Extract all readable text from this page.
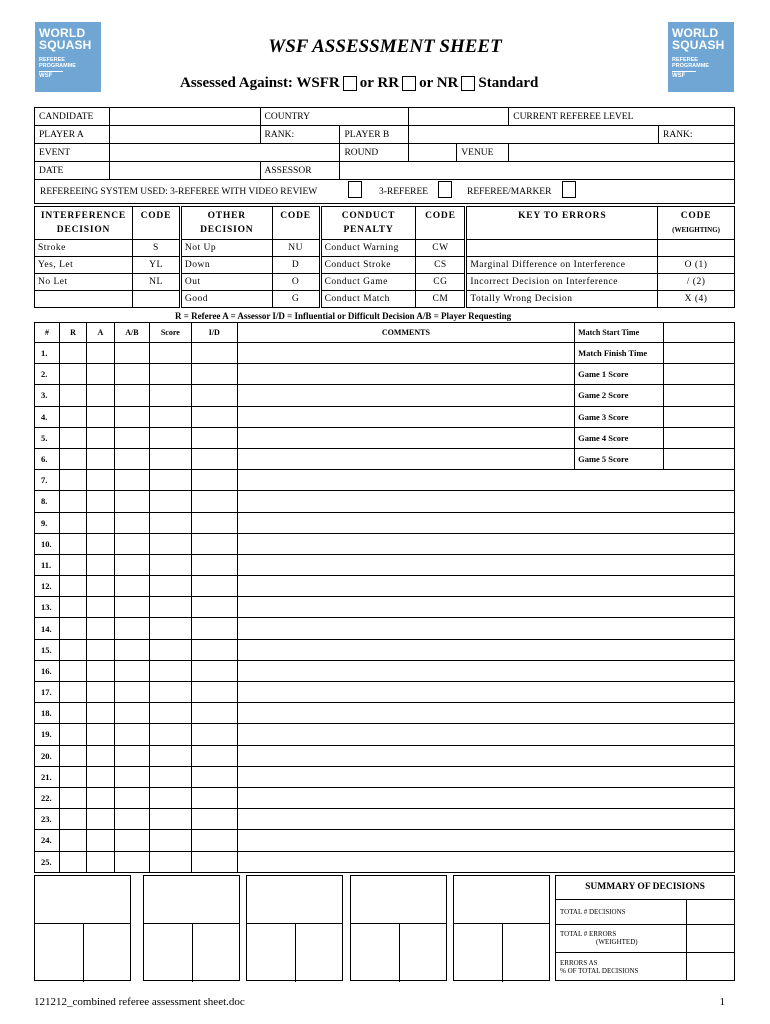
WORLD
SQUASH
REFEREE
PROGRAMME
WSF
WORLD
SQUASH
REFEREE
PROGRAMME
WSF
WSF ASSESSMENT SHEET
Assessed Against: WSFR or RR or NR Standard
CANDIDATE		COUNTRY				CURRENT REFEREE LEVEL	
PLAYER A		RANK:	PLAYER B				RANK:
EVENT			ROUND		VENUE		
DATE		ASSESSOR					
REFEREEING SYSTEM USED: 3-REFEREE WITH VIDEO REVIEW	3-REFEREE	REFEREE/MARKER
INTERFERENCE DECISION	CODE	OTHER DECISION	CODE	CONDUCT PENALTY	CODE	KEY TO ERRORS	CODE
(WEIGHTING)
Stroke	S	Not Up	NU	Conduct Warning	CW		
Yes, Let	YL	Down	D	Conduct Stroke	CS	Marginal Difference on Interference	O (1)
No Let	NL	Out	O	Conduct Game	CG	Incorrect Decision on Interference	/ (2)
		Good	G	Conduct Match	CM	Totally Wrong Decision	X (4)
R = Referee A = Assessor I/D = Influential or Difficult Decision A/B = Player Requesting
#	R	A	A/B	Score	I/D	COMMENTS	Match Start Time	
1.							Match Finish Time	
2.							Game 1 Score	
3.							Game 2 Score	
4.							Game 3 Score	
5.							Game 4 Score	
6.							Game 5 Score	
7.								
8.								
9.								
10.								
11.								
12.								
13.								
14.								
15.								
16.								
17.								
18.								
19.								
20.								
21.								
22.								
23.								
24.								
25.								
SUMMARY OF DECISIONS
TOTAL # DECISIONS
TOTAL # ERRORS
(WEIGHTED)
ERRORS AS
% OF TOTAL DECISIONS
121212_combined referee assessment sheet.doc	1
